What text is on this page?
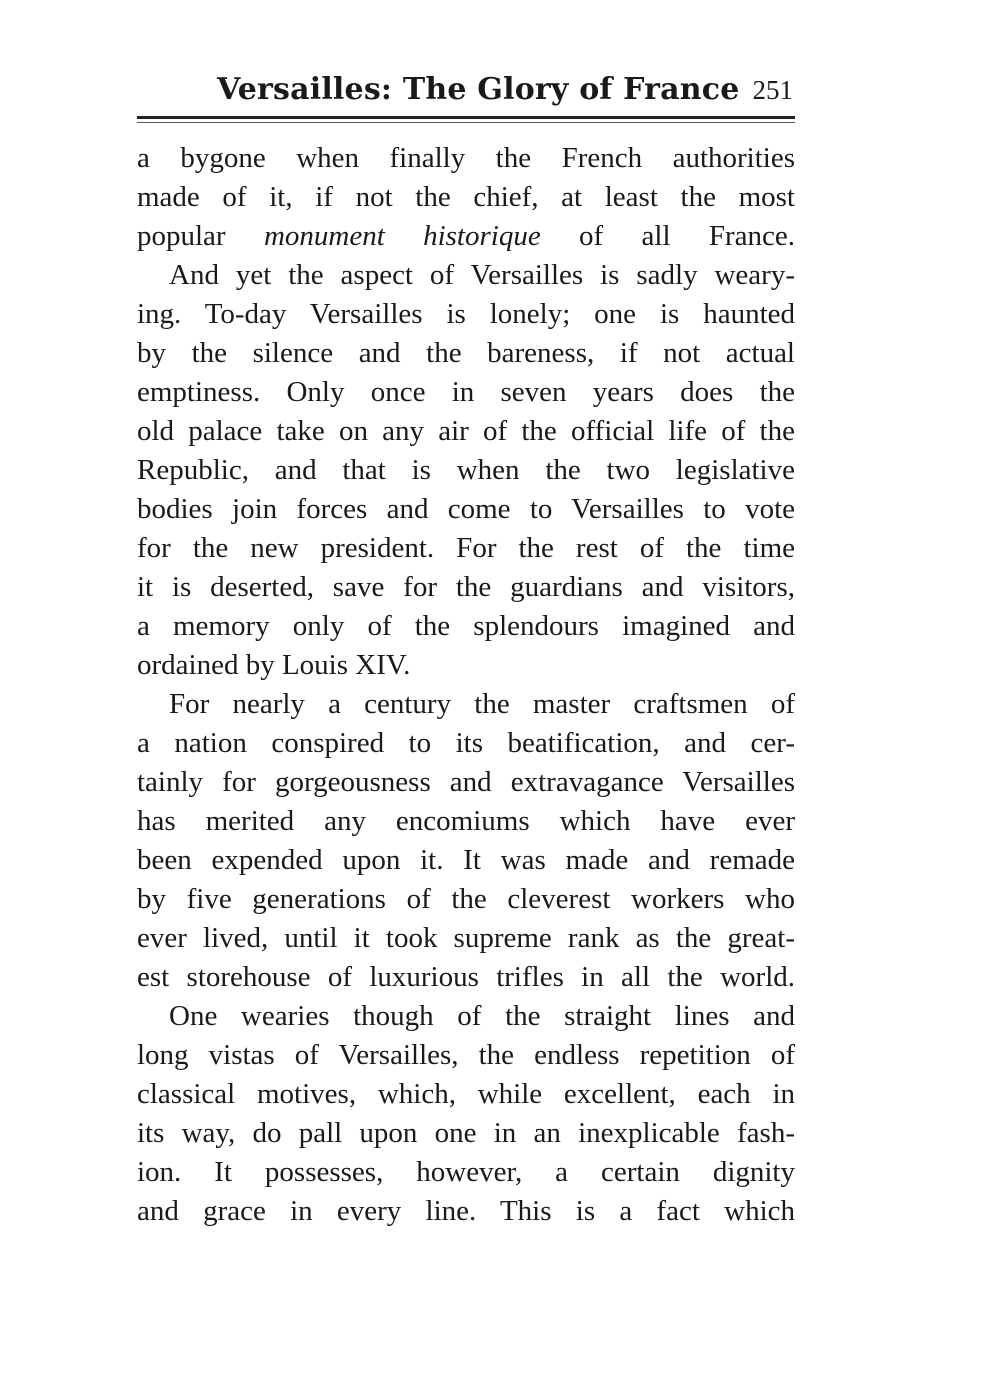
Versailles: The Glory of France 251
a bygone when finally the French authorities
made of it, if not the chief, at least the most
popular monument historique of all France.
And yet the aspect of Versailles is sadly weary-
ing. To-day Versailles is lonely; one is haunted
by the silence and the bareness, if not actual
emptiness. Only once in seven years does the
old palace take on any air of the official life of the
Republic, and that is when the two legislative
bodies join forces and come to Versailles to vote
for the new president. For the rest of the time
it is deserted, save for the guardians and visitors,
a memory only of the splendours imagined and
ordained by Louis XIV.
For nearly a century the master craftsmen of
a nation conspired to its beatification, and cer-
tainly for gorgeousness and extravagance Versailles
has merited any encomiums which have ever
been expended upon it. It was made and remade
by five generations of the cleverest workers who
ever lived, until it took supreme rank as the great-
est storehouse of luxurious trifles in all the world.
One wearies though of the straight lines and
long vistas of Versailles, the endless repetition of
classical motives, which, while excellent, each in
its way, do pall upon one in an inexplicable fash-
ion. It possesses, however, a certain dignity
and grace in every line. This is a fact which
